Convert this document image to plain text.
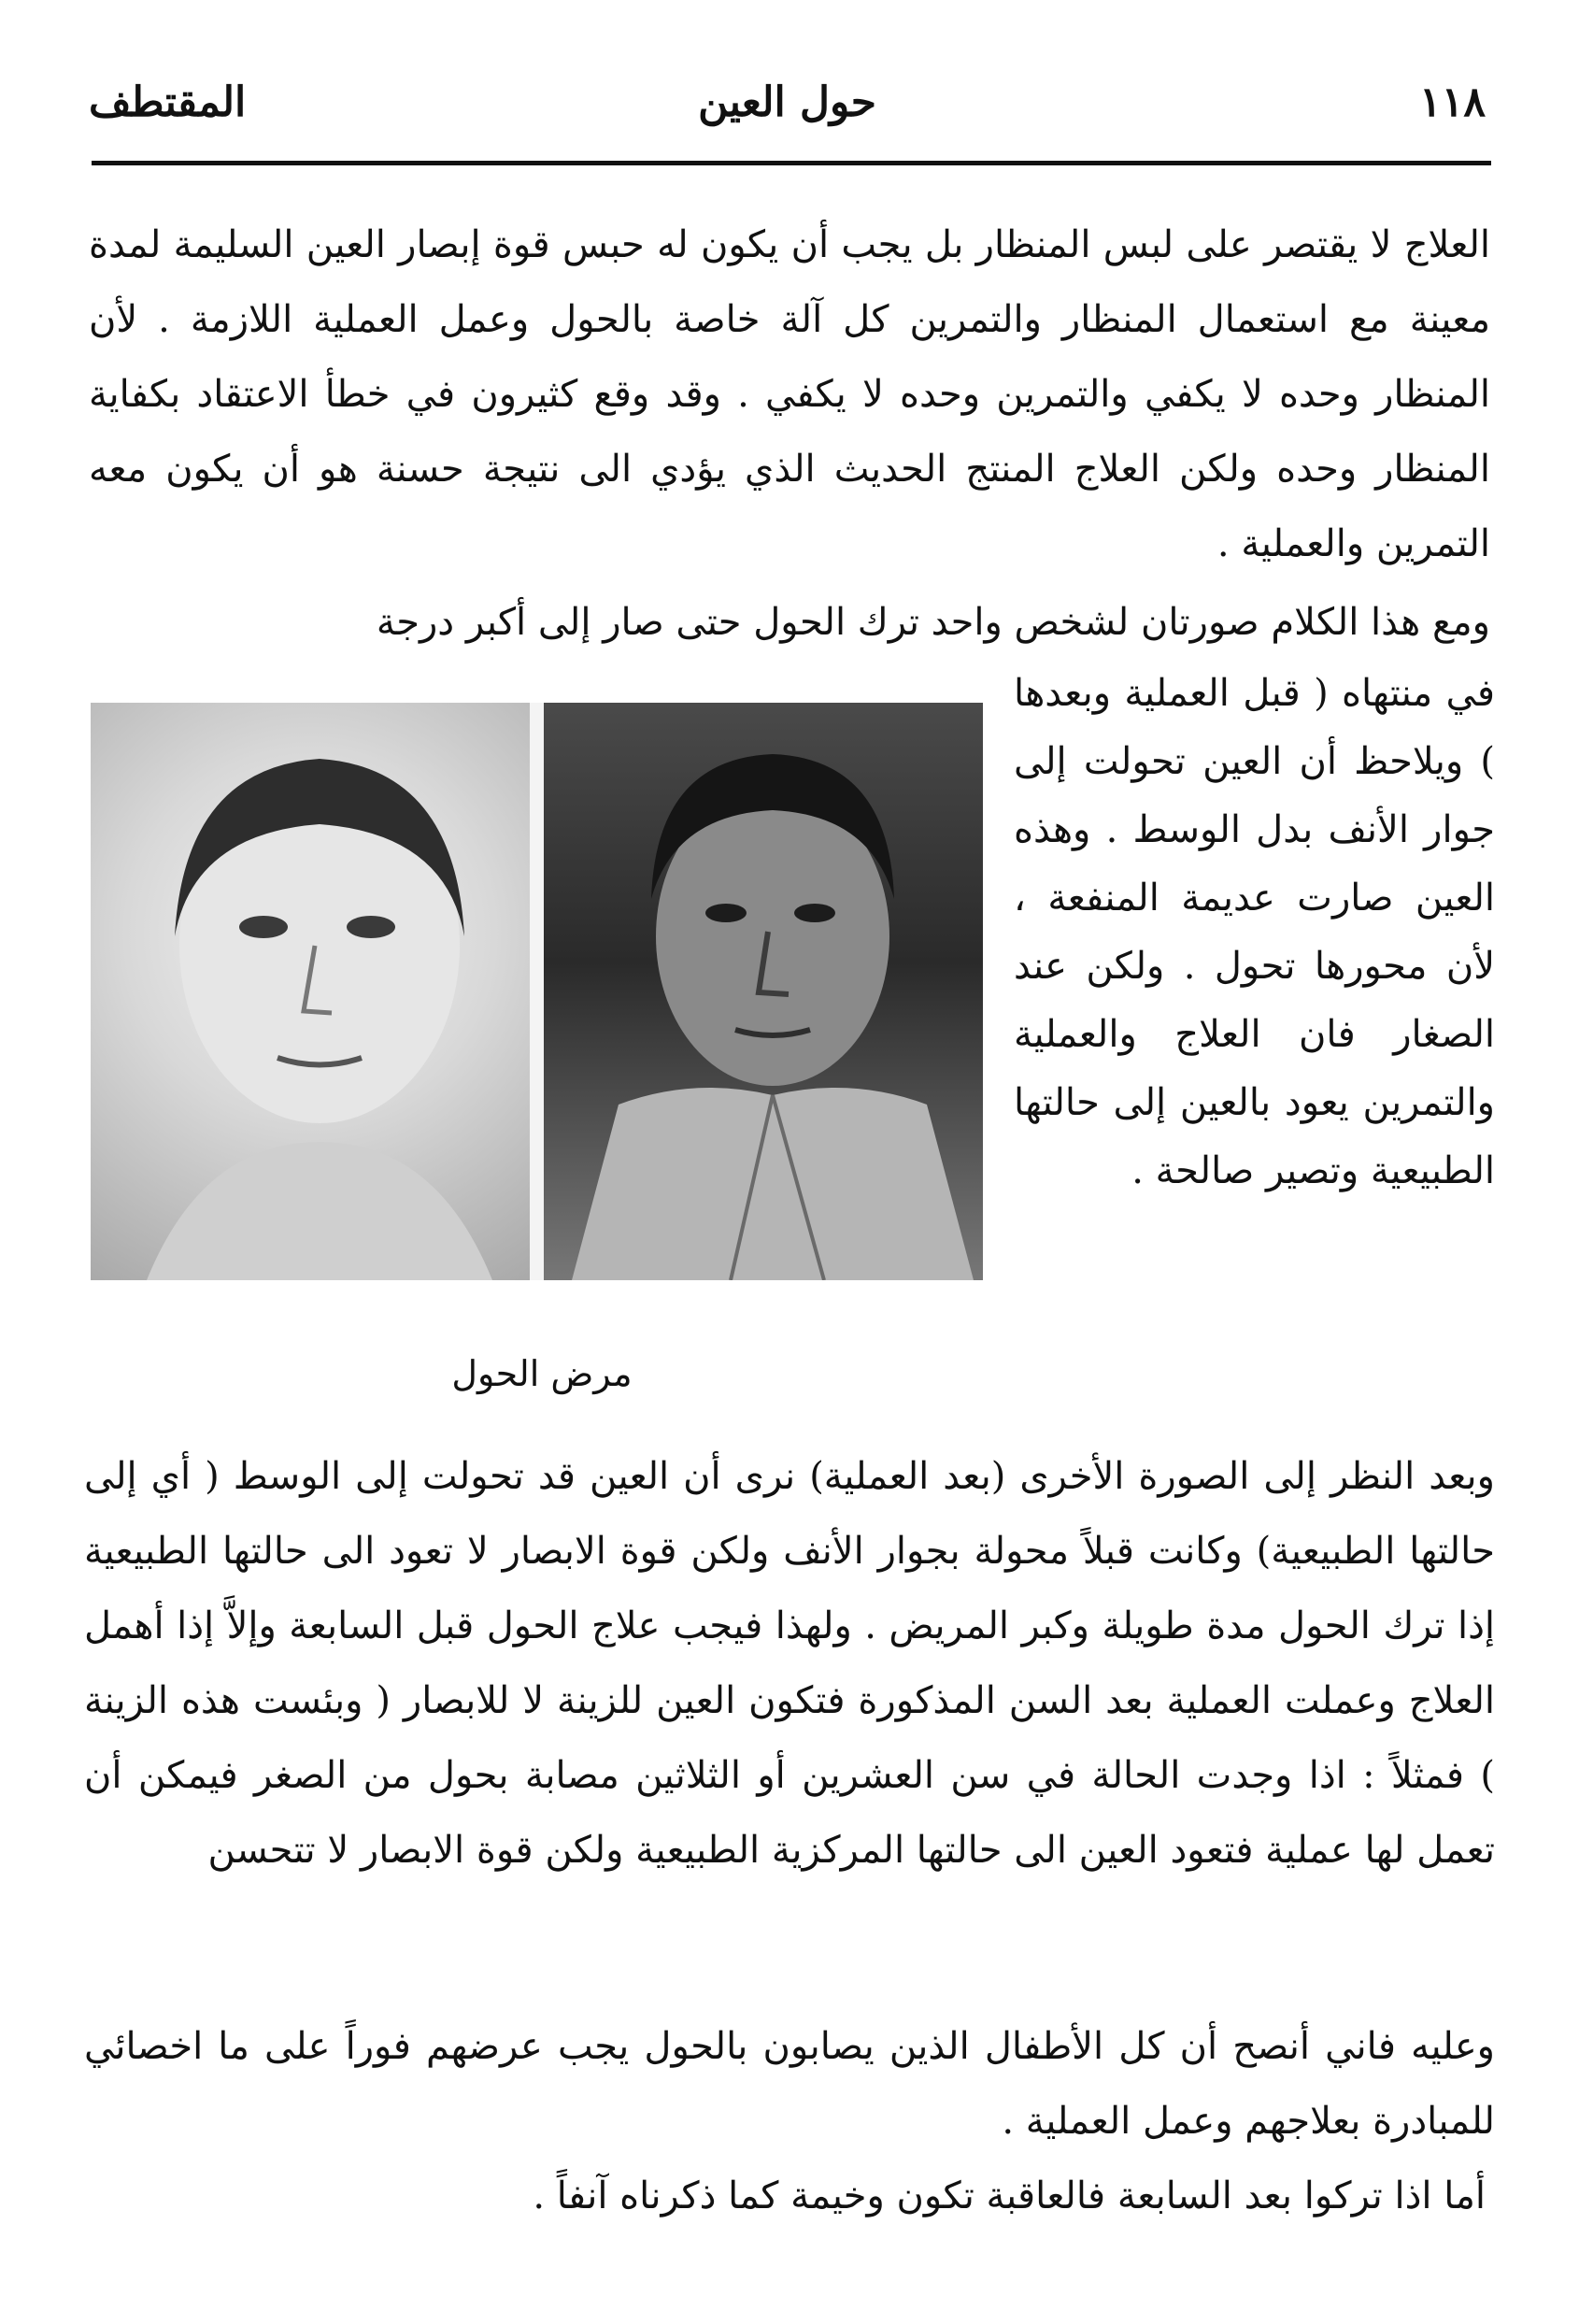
١١٨
حول العين
المقتطف
العلاج لا يقتصر على لبس المنظار بل يجب أن يكون له حبس قوة إبصار العين السليمة لمدة معينة مع استعمال المنظار والتمرين كل آلة خاصة بالحول وعمل العملية اللازمة . لأن المنظار وحده لا يكفي والتمرين وحده لا يكفي . وقد وقع كثيرون في خطأ الاعتقاد بكفاية المنظار وحده ولكن العلاج المنتج الحديث الذي يؤدي الى نتيجة حسنة هو أن يكون معه التمرين والعملية .
ومع هذا الكلام صورتان لشخص واحد ترك الحول حتى صار إلى أكبر درجة
في منتهاه ( قبل العملية وبعدها ) ويلاحظ أن العين تحولت إلى جوار الأنف بدل الوسط . وهذه العين صارت عديمة المنفعة ، لأن محورها تحول . ولكن عند الصغار فان العلاج والعملية والتمرين يعود بالعين إلى حالتها الطبيعية وتصير صالحة .
مرض الحول
وبعد النظر إلى الصورة الأخرى (بعد العملية) نرى أن العين قد تحولت إلى الوسط ( أي إلى حالتها الطبيعية) وكانت قبلاً محولة بجوار الأنف ولكن قوة الابصار لا تعود الى حالتها الطبيعية إذا ترك الحول مدة طويلة وكبر المريض . ولهذا فيجب علاج الحول قبل السابعة وإلاَّ إذا أهمل العلاج وعملت العملية بعد السن المذكورة فتكون العين للزينة لا للابصار ( وبئست هذه الزينة ) فمثلاً : اذا وجدت الحالة في سن العشرين أو الثلاثين مصابة بحول من الصغر فيمكن أن تعمل لها عملية فتعود العين الى حالتها المركزية الطبيعية ولكن قوة الابصار لا تتحسن
وعليه فاني أنصح أن كل الأطفال الذين يصابون بالحول يجب عرضهم فوراً على ما اخصائي للمبادرة بعلاجهم وعمل العملية .
أما اذا تركوا بعد السابعة فالعاقبة تكون وخيمة كما ذكرناه آنفاً .
